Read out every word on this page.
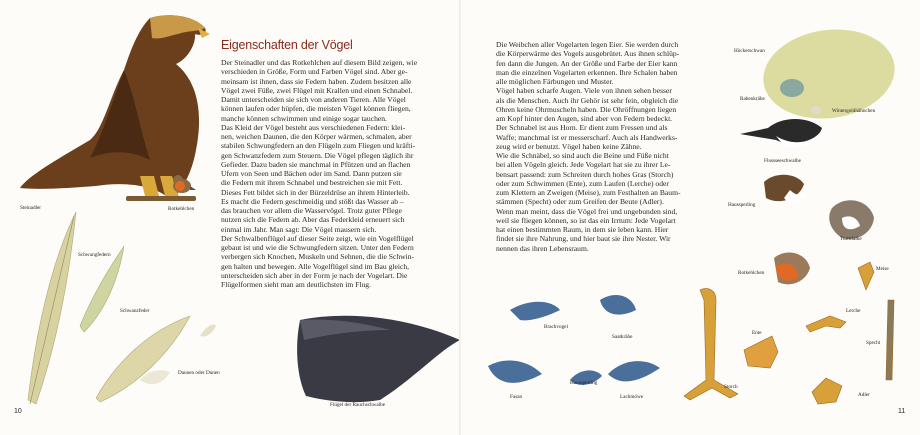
Eigenschaften der Vögel
Der Steinadler und das Rotkehlchen auf diesem Bild zeigen, wie
verschieden in Größe, Form und Farben Vögel sind. Aber ge-
meinsam ist ihnen, dass sie Federn haben. Zudem besitzen alle
Vögel zwei Füße, zwei Flügel mit Krallen und einen Schnabel.
Damit unterscheiden sie sich von anderen Tieren. Alle Vögel
können laufen oder hüpfen, die meisten Vögel können fliegen,
manche können schwimmen und einige sogar tauchen.
Das Kleid der Vögel besteht aus verschiedenen Federn: klei-
nen, weichen Daunen, die den Körper wärmen, schmalen, aber
stabilen Schwungfedern an den Flügeln zum Fliegen und kräfti-
gen Schwanzfedern zum Steuern. Die Vögel pflegen täglich ihr
Gefieder. Dazu baden sie manchmal in Pfützen und an flachen
Ufern von Seen und Bächen oder im Sand. Dann putzen sie
die Federn mit ihrem Schnabel und bestreichen sie mit Fett.
Dieses Fett bildet sich in der Bürzeldrüse an ihrem Hinterleib.
Es macht die Federn geschmeidig und stößt das Wasser ab –
das brauchen vor allem die Wasservögel. Trotz guter Pflege
nutzen sich die Federn ab. Aber das Federkleid erneuert sich
einmal im Jahr. Man sagt: Die Vögel mausern sich.
Der Schwalbenflügel auf dieser Seite zeigt, wie ein Vogelflügel
gebaut ist und wie die Schwungfedern sitzen. Unter den Federn
verbergen sich Knochen, Muskeln und Sehnen, die die Schwin-
gen halten und bewegen. Alle Vogelflügel sind im Bau gleich,
unterscheiden sich aber in der Form je nach der Vogelart. Die
Flügelformen sieht man am deutlichsten im Flug.
Die Weibchen aller Vogelarten legen Eier. Sie werden durch
die Körperwärme des Vogels ausgebrütet. Aus ihnen schlüp-
fen dann die Jungen. An der Größe und Farbe der Eier kann
man die einzelnen Vogelarten erkennen. Ihre Schalen haben
alle möglichen Färbungen und Muster.
Vögel haben scharfe Augen. Viele von ihnen sehen besser
als die Menschen. Auch ihr Gehör ist sehr fein, obgleich die
Ohren keine Ohrmuscheln haben. Die Ohröffnungen liegen
am Kopf hinter den Augen, sind aber von Federn bedeckt.
Der Schnabel ist aus Horn. Er dient zum Fressen und als
Waffe; manchmal ist er messerscharf. Auch als Handwerks-
zeug wird er benutzt. Vögel haben keine Zähne.
Wie die Schnäbel, so sind auch die Beine und Füße nicht
bei allen Vögeln gleich. Jede Vogelart hat sie zu ihrer Le-
bensart passend: zum Schreiten durch hohes Gras (Storch)
oder zum Schwimmen (Ente), zum Laufen (Lerche) oder
zum Klettern an Zweigen (Meise), zum Festhalten an Baum-
stämmen (Specht) oder zum Greifen der Beute (Adler).
Wenn man meint, dass die Vögel frei und ungebunden sind,
weil sie fliegen können, so ist das ein Irrtum: Jede Vogelart
hat einen bestimmten Raum, in dem sie leben kann. Hier
findet sie ihre Nahrung, und hier baut sie ihre Nester. Wir
nennen das ihren Lebensraum.
Steinadler	Rotkehlchen
Schwungfedern
Schwanzfeder
Daunen oder Dunen
Flügel der Rauchschwalbe
Höckerschwan
Rabenkrähe
Wintergoldhähnchen
Flussseeschwalbe
Haussperling
Turmfalke
Rotkehlchen
Meise
Lerche
Specht
Ente
Storch
Adler
Brachvogel
Saatkrähe
Fasan
Haussperling
Lachmöwe
10	11
